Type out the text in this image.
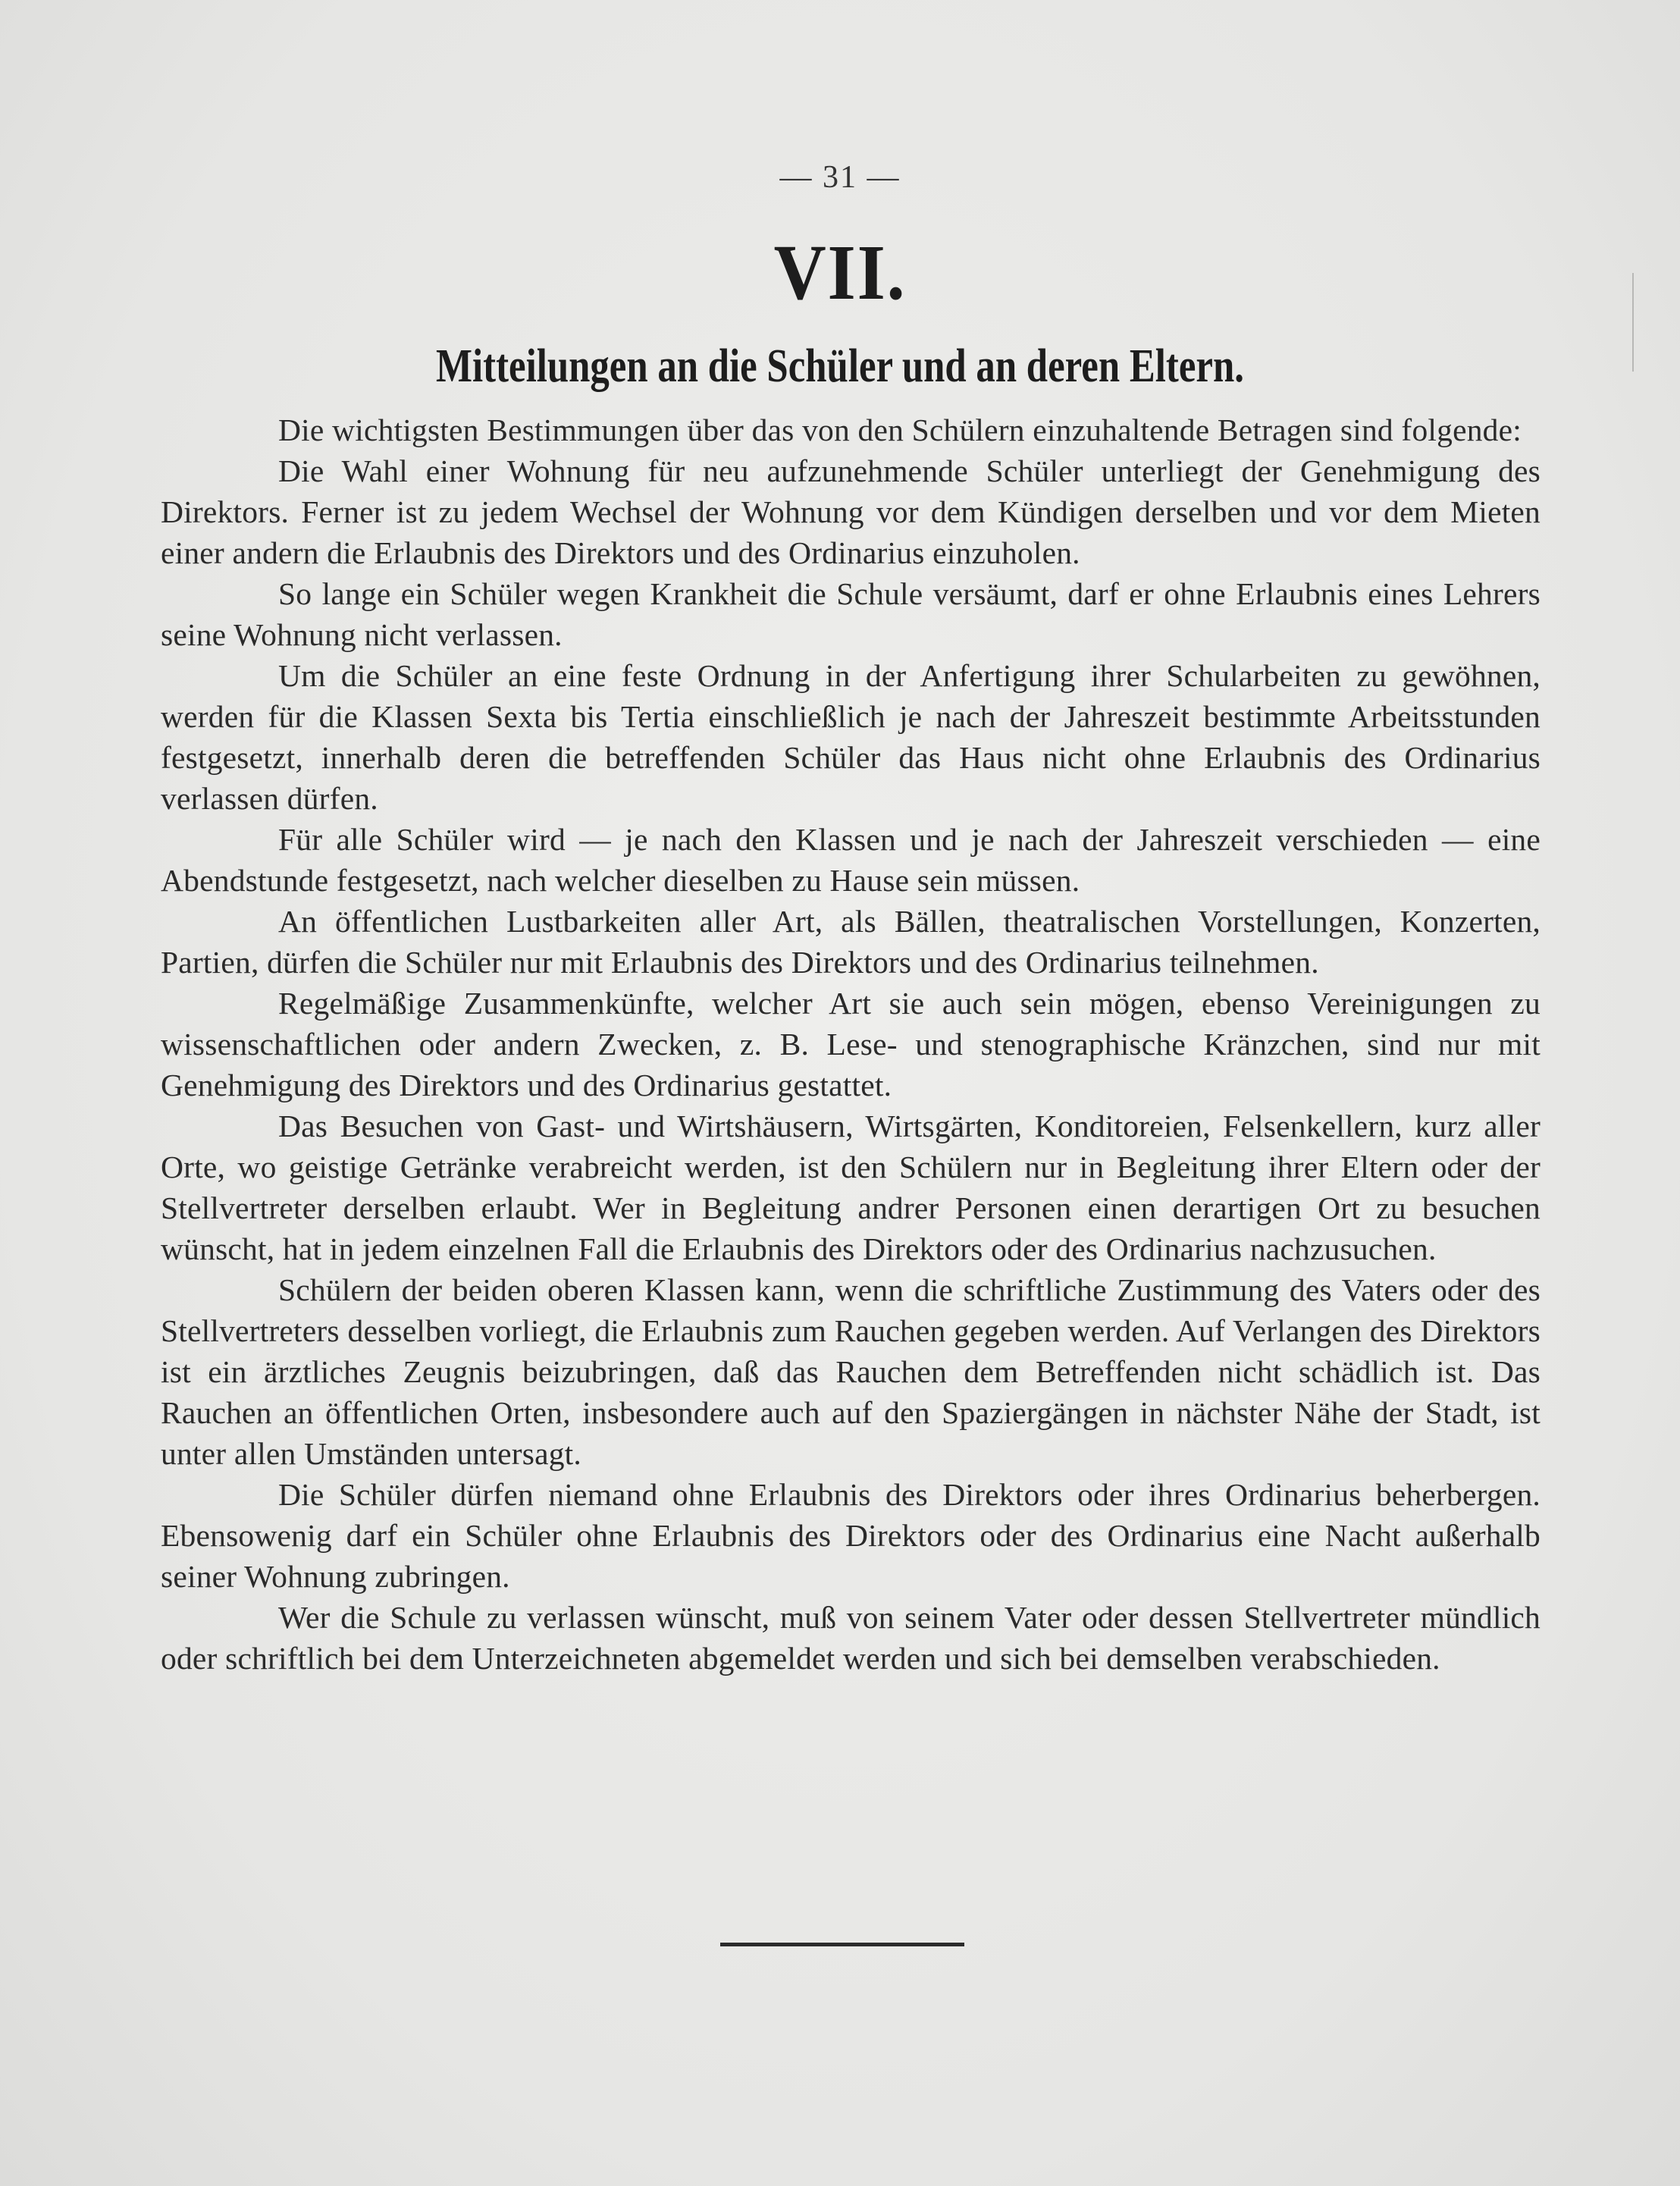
— 31 —
VII.
Mitteilungen an die Schüler und an deren Eltern.

Die wichtigsten Bestimmungen über das von den Schülern einzuhaltende Betragen sind folgende:

Die Wahl einer Wohnung für neu aufzunehmende Schüler unterliegt der Genehmigung des Direktors. Ferner ist zu jedem Wechsel der Wohnung vor dem Kündigen derselben und vor dem Mieten einer andern die Erlaubnis des Direktors und des Ordinarius einzuholen.

So lange ein Schüler wegen Krankheit die Schule versäumt, darf er ohne Erlaubnis eines Lehrers seine Wohnung nicht verlassen.

Um die Schüler an eine feste Ordnung in der Anfertigung ihrer Schularbeiten zu gewöhnen, werden für die Klassen Sexta bis Tertia einschließlich je nach der Jahreszeit bestimmte Arbeitsstunden festgesetzt, innerhalb deren die betreffenden Schüler das Haus nicht ohne Erlaubnis des Ordinarius verlassen dürfen.

Für alle Schüler wird — je nach den Klassen und je nach der Jahreszeit verschieden — eine Abendstunde festgesetzt, nach welcher dieselben zu Hause sein müssen.

An öffentlichen Lustbarkeiten aller Art, als Bällen, theatralischen Vorstellungen, Konzerten, Partien, dürfen die Schüler nur mit Erlaubnis des Direktors und des Ordinarius teilnehmen.

Regelmäßige Zusammenkünfte, welcher Art sie auch sein mögen, ebenso Vereinigungen zu wissenschaftlichen oder andern Zwecken, z. B. Lese- und stenographische Kränzchen, sind nur mit Genehmigung des Direktors und des Ordinarius gestattet.

Das Besuchen von Gast- und Wirtshäusern, Wirtsgärten, Konditoreien, Felsenkellern, kurz aller Orte, wo geistige Getränke verabreicht werden, ist den Schülern nur in Begleitung ihrer Eltern oder der Stellvertreter derselben erlaubt. Wer in Begleitung andrer Personen einen derartigen Ort zu besuchen wünscht, hat in jedem einzelnen Fall die Erlaubnis des Direktors oder des Ordinarius nachzusuchen.

Schülern der beiden oberen Klassen kann, wenn die schriftliche Zustimmung des Vaters oder des Stellvertreters desselben vorliegt, die Erlaubnis zum Rauchen gegeben werden. Auf Verlangen des Direktors ist ein ärztliches Zeugnis beizubringen, daß das Rauchen dem Betreffenden nicht schädlich ist. Das Rauchen an öffentlichen Orten, insbesondere auch auf den Spaziergängen in nächster Nähe der Stadt, ist unter allen Umständen untersagt.

Die Schüler dürfen niemand ohne Erlaubnis des Direktors oder ihres Ordinarius beherbergen. Ebensowenig darf ein Schüler ohne Erlaubnis des Direktors oder des Ordinarius eine Nacht außerhalb seiner Wohnung zubringen.

Wer die Schule zu verlassen wünscht, muß von seinem Vater oder dessen Stellvertreter mündlich oder schriftlich bei dem Unterzeichneten abgemeldet werden und sich bei demselben verabschieden.
